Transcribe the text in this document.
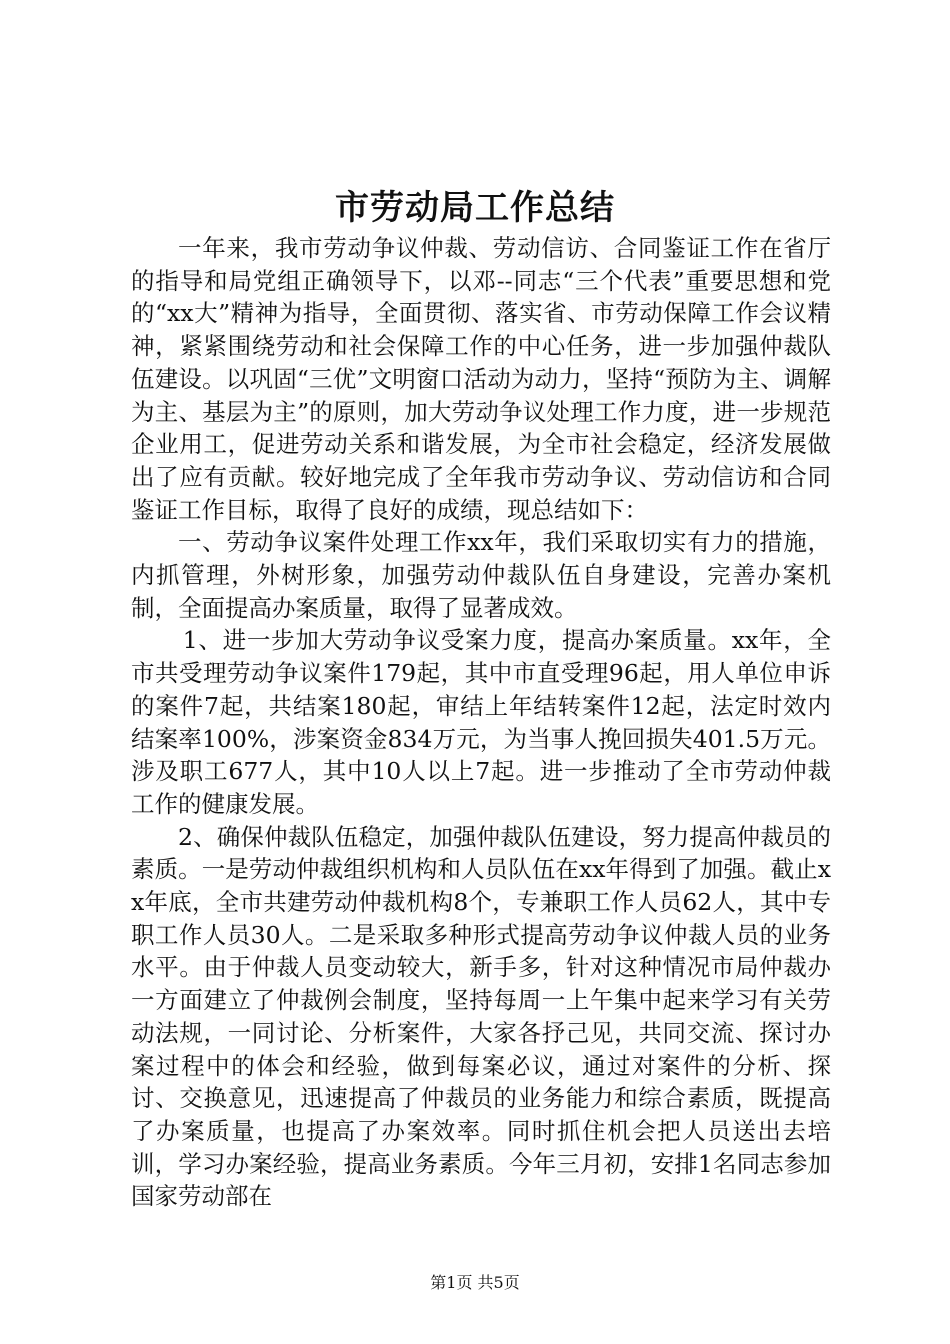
市劳动局工作总结

一年来，我市劳动争议仲裁、劳动信访、合同鉴证工作在省厅的指导和局党组正确领导下，以邓--同志“三个代表”重要思想和党的“xx大”精神为指导，全面贯彻、落实省、市劳动保障工作会议精神，紧紧围绕劳动和社会保障工作的中心任务，进一步加强仲裁队伍建设。以巩固“三优”文明窗口活动为动力，坚持“预防为主、调解为主、基层为主”的原则，加大劳动争议处理工作力度，进一步规范企业用工，促进劳动关系和谐发展，为全市社会稳定，经济发展做出了应有贡献。较好地完成了全年我市劳动争议、劳动信访和合同鉴证工作目标，取得了良好的成绩，现总结如下：

一、劳动争议案件处理工作xx年，我们采取切实有力的措施，内抓管理，外树形象，加强劳动仲裁队伍自身建设，完善办案机制，全面提高办案质量，取得了显著成效。

1、进一步加大劳动争议受案力度，提高办案质量。xx年，全市共受理劳动争议案件179起，其中市直受理96起，用人单位申诉的案件7起，共结案180起，审结上年结转案件12起，法定时效内结案率100%，涉案资金834万元，为当事人挽回损失401.5万元。涉及职工677人，其中10人以上7起。进一步推动了全市劳动仲裁工作的健康发展。

2、确保仲裁队伍稳定，加强仲裁队伍建设，努力提高仲裁员的素质。一是劳动仲裁组织机构和人员队伍在xx年得到了加强。截止xx年底，全市共建劳动仲裁机构8个，专兼职工作人员62人，其中专职工作人员30人。二是采取多种形式提高劳动争议仲裁人员的业务水平。由于仲裁人员变动较大，新手多，针对这种情况市局仲裁办一方面建立了仲裁例会制度，坚持每周一上午集中起来学习有关劳动法规，一同讨论、分析案件，大家各抒己见，共同交流、探讨办案过程中的体会和经验，做到每案必议，通过对案件的分析、探讨、交换意见，迅速提高了仲裁员的业务能力和综合素质，既提高了办案质量，也提高了办案效率。同时抓住机会把人员送出去培训，学习办案经验，提高业务素质。今年三月初，安排1名同志参加国家劳动部在

第1页 共5页
